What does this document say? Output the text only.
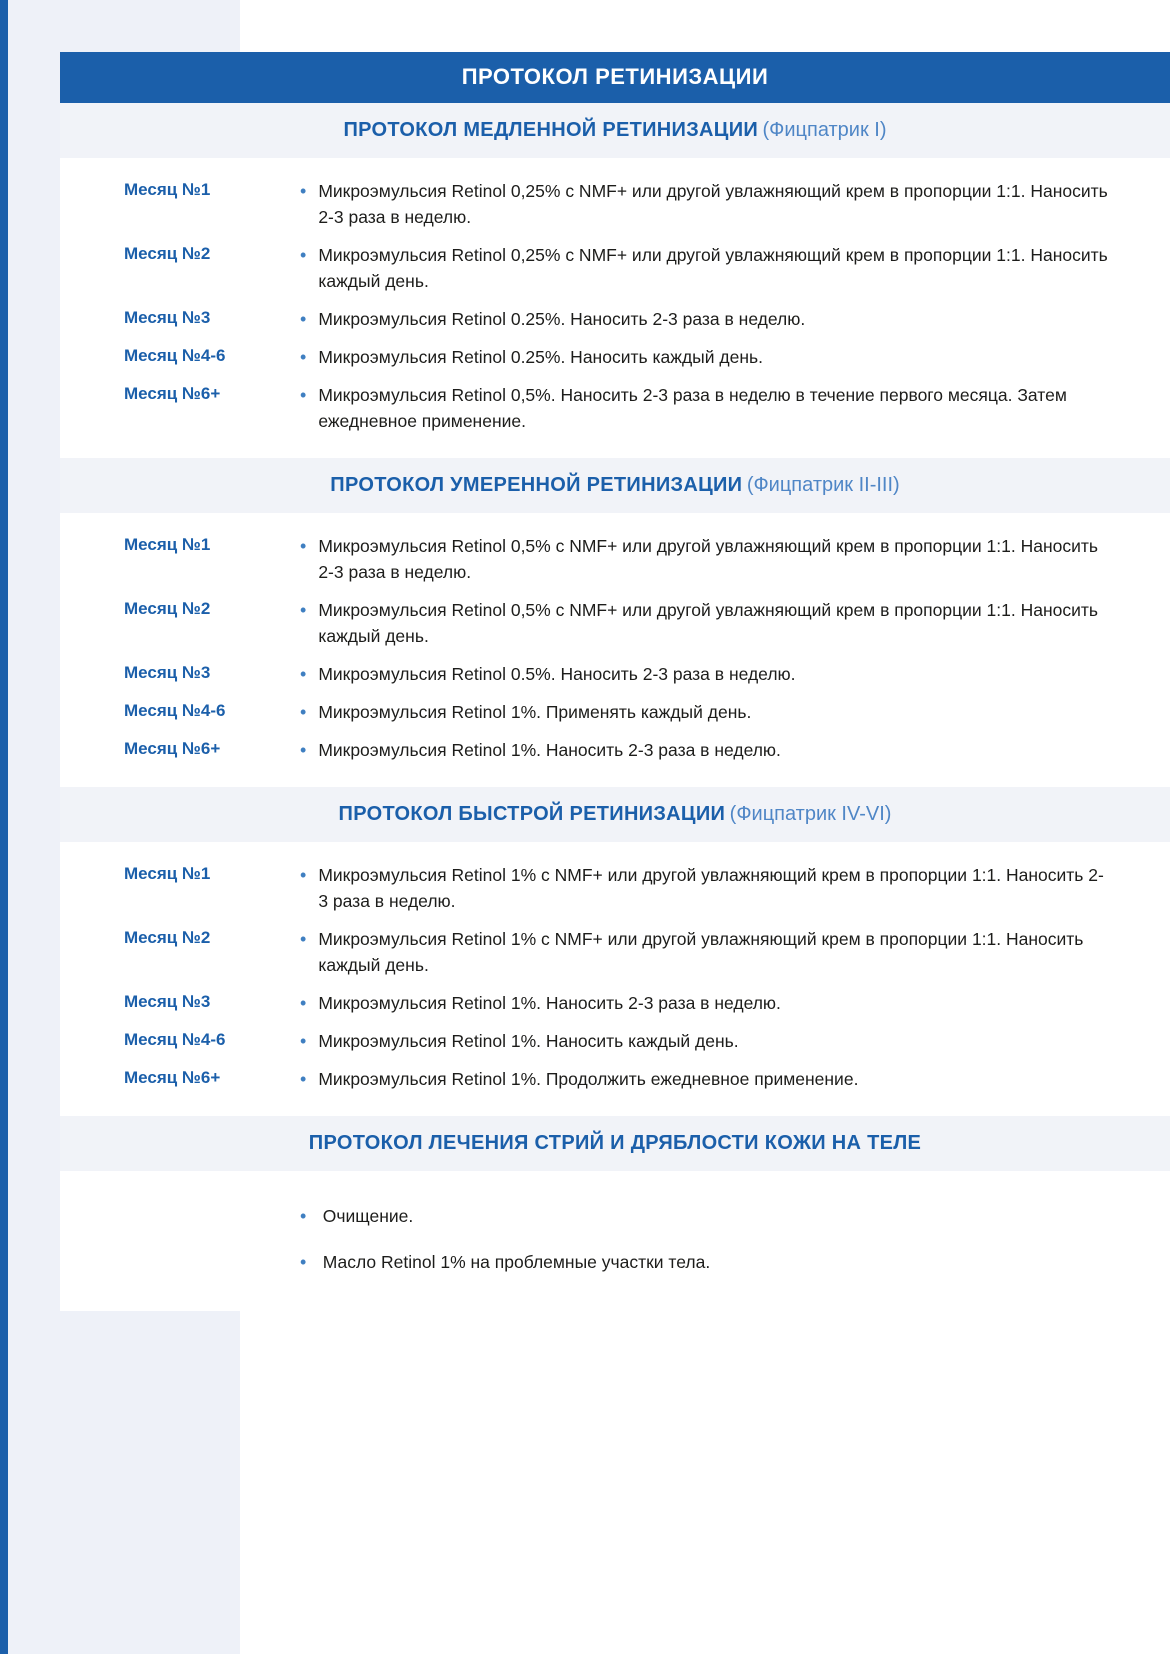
ПРОТОКОЛ РЕТИНИЗАЦИИ
ПРОТОКОЛ МЕДЛЕННОЙ РЕТИНИЗАЦИИ (Фицпатрик I)
Месяц №1	• Микроэмульсия Retinol 0,25% с NMF+ или другой увлажняющий крем в пропорции 1:1. Наносить 2-3 раза в неделю.
Месяц №2	• Микроэмульсия Retinol 0,25% с NMF+ или другой увлажняющий крем в пропорции 1:1. Наносить каждый день.
Месяц №3	• Микроэмульсия Retinol 0.25%. Наносить 2-3 раза в неделю.
Месяц №4-6	• Микроэмульсия Retinol 0.25%. Наносить каждый день.
Месяц №6+	• Микроэмульсия Retinol 0,5%. Наносить 2-3 раза в неделю в течение первого месяца. Затем ежедневное применение.
ПРОТОКОЛ УМЕРЕННОЙ РЕТИНИЗАЦИИ (Фицпатрик II-III)
Месяц №1	• Микроэмульсия Retinol 0,5% с NMF+ или другой увлажняющий крем в пропорции 1:1. Наносить 2-3 раза в неделю.
Месяц №2	• Микроэмульсия Retinol 0,5% с NMF+ или другой увлажняющий крем в пропорции 1:1. Наносить каждый день.
Месяц №3	• Микроэмульсия Retinol 0.5%. Наносить 2-3 раза в неделю.
Месяц №4-6	• Микроэмульсия Retinol 1%. Применять каждый день.
Месяц №6+	• Микроэмульсия Retinol 1%. Наносить 2-3 раза в неделю.
ПРОТОКОЛ БЫСТРОЙ РЕТИНИЗАЦИИ (Фицпатрик IV-VI)
Месяц №1	• Микроэмульсия Retinol 1% с NMF+ или другой увлажняющий крем в пропорции 1:1. Наносить 2-3 раза в неделю.
Месяц №2	• Микроэмульсия Retinol 1% с NMF+ или другой увлажняющий крем в пропорции 1:1. Наносить каждый день.
Месяц №3	• Микроэмульсия Retinol 1%. Наносить 2-3 раза в неделю.
Месяц №4-6	• Микроэмульсия Retinol 1%. Наносить каждый день.
Месяц №6+	• Микроэмульсия Retinol 1%. Продолжить ежедневное применение.
ПРОТОКОЛ ЛЕЧЕНИЯ СТРИЙ И ДРЯБЛОСТИ КОЖИ НА ТЕЛЕ
• Очищение.
• Масло Retinol 1% на проблемные участки тела.
